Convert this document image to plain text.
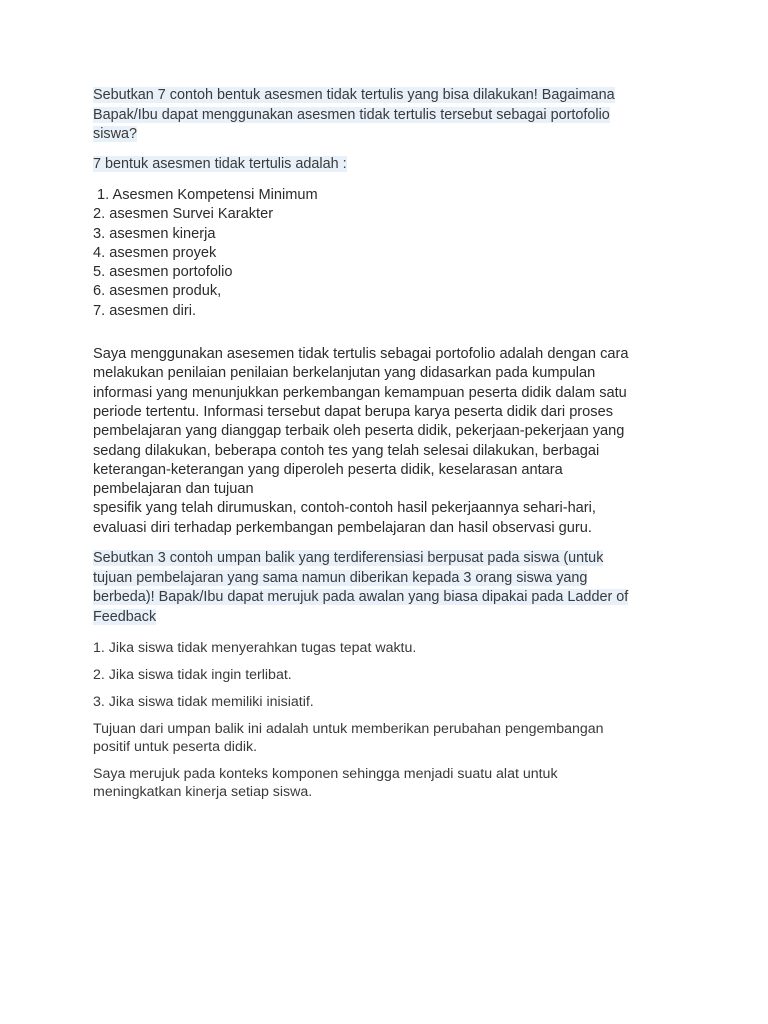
Sebutkan 7 contoh bentuk asesmen tidak tertulis yang bisa dilakukan! Bagaimana
Bapak/Ibu dapat menggunakan asesmen tidak tertulis tersebut sebagai portofolio
siswa?

7 bentuk asesmen tidak tertulis adalah :

1. Asesmen Kompetensi Minimum
2. asesmen Survei Karakter
3. asesmen kinerja
4. asesmen proyek
5. asesmen portofolio
6. asesmen produk,
7. asesmen diri.

Saya menggunakan asesemen tidak tertulis sebagai portofolio adalah dengan cara
melakukan penilaian penilaian berkelanjutan yang didasarkan pada kumpulan
informasi yang menunjukkan perkembangan kemampuan peserta didik dalam satu
periode tertentu. Informasi tersebut dapat berupa karya peserta didik dari proses
pembelajaran yang dianggap terbaik oleh peserta didik, pekerjaan-pekerjaan yang
sedang dilakukan, beberapa contoh tes yang telah selesai dilakukan, berbagai
keterangan-keterangan yang diperoleh peserta didik, keselarasan antara
pembelajaran dan tujuan
spesifik yang telah dirumuskan, contoh-contoh hasil pekerjaannya sehari-hari,
evaluasi diri terhadap perkembangan pembelajaran dan hasil observasi guru.

Sebutkan 3 contoh umpan balik yang terdiferensiasi berpusat pada siswa (untuk
tujuan pembelajaran yang sama namun diberikan kepada 3 orang siswa yang
berbeda)! Bapak/Ibu dapat merujuk pada awalan yang biasa dipakai pada Ladder of
Feedback

1. Jika siswa tidak menyerahkan tugas tepat waktu.

2. Jika siswa tidak ingin terlibat.

3. Jika siswa tidak memiliki inisiatif.

Tujuan dari umpan balik ini adalah untuk memberikan perubahan pengembangan
positif untuk peserta didik.

Saya merujuk pada konteks komponen sehingga menjadi suatu alat untuk
meningkatkan kinerja setiap siswa.
